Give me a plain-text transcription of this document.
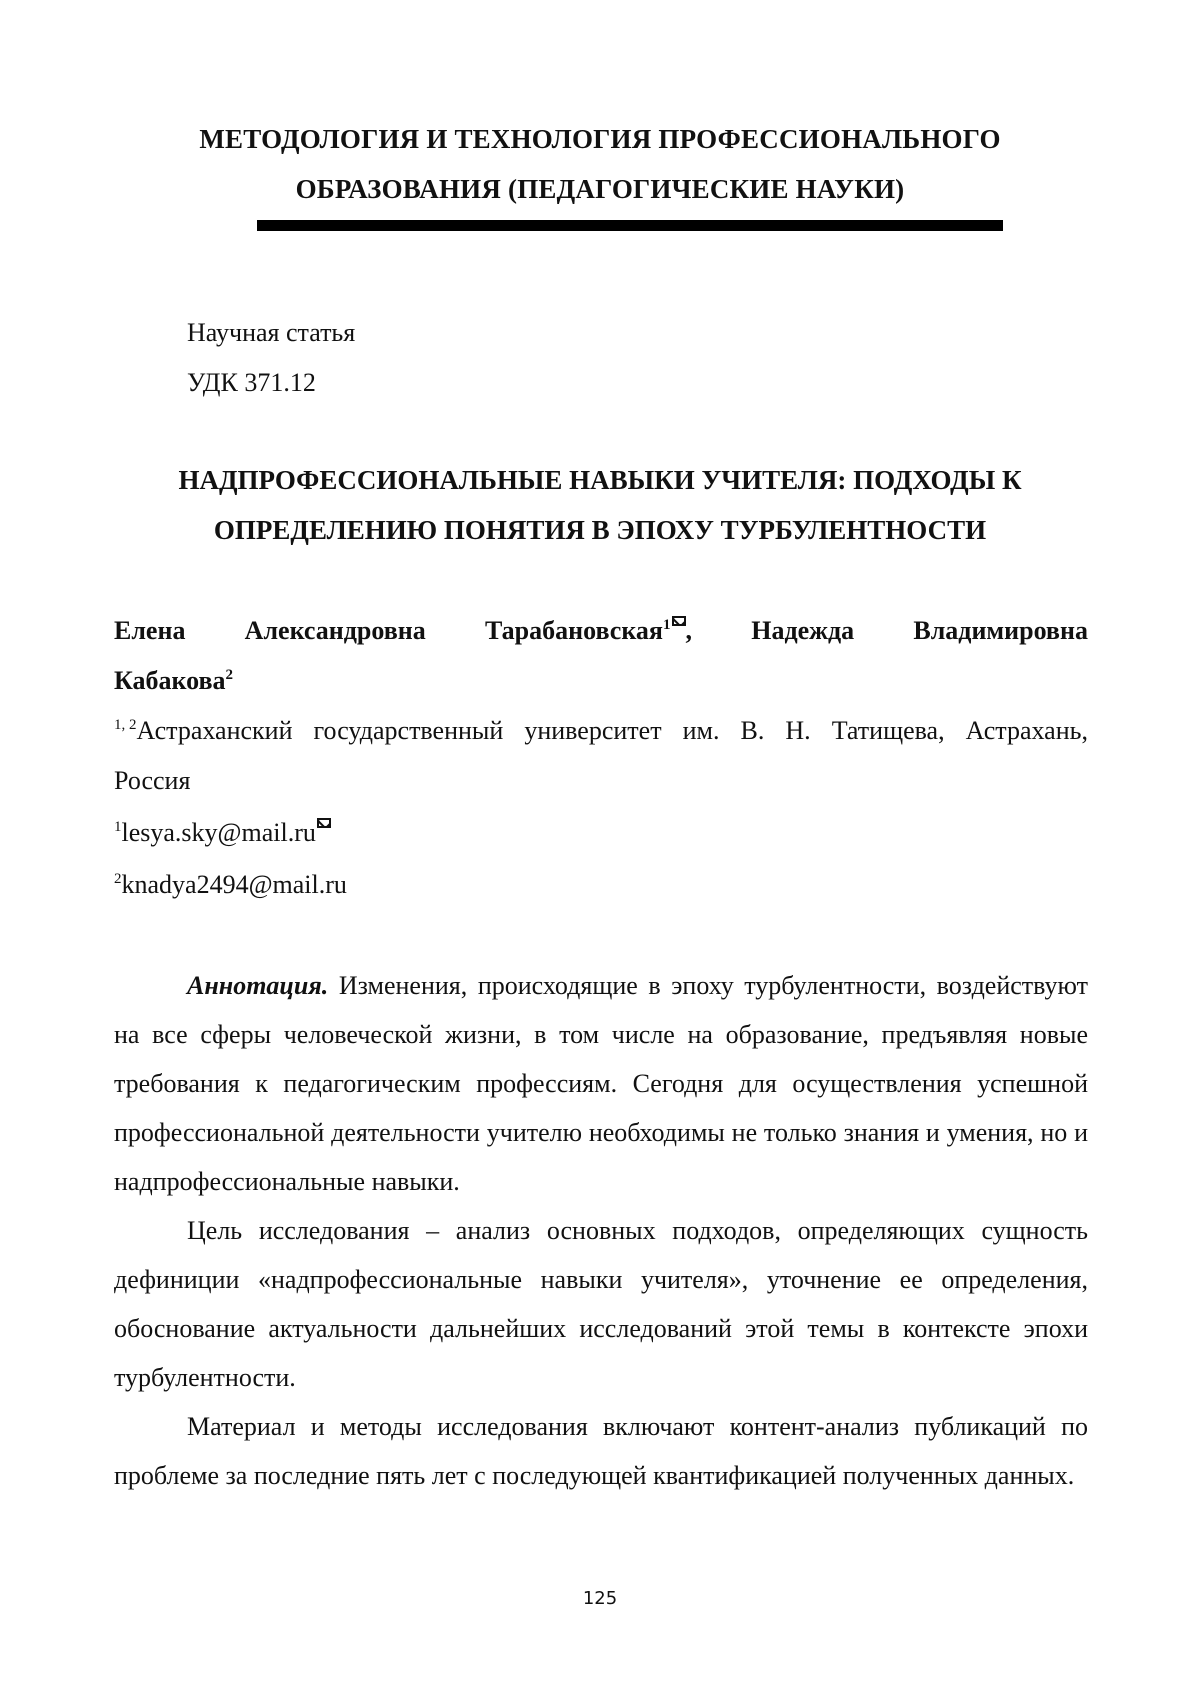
МЕТОДОЛОГИЯ И ТЕХНОЛОГИЯ ПРОФЕССИОНАЛЬНОГО
ОБРАЗОВАНИЯ (ПЕДАГОГИЧЕСКИЕ НАУКИ)
Научная статья
УДК 371.12
НАДПРОФЕССИОНАЛЬНЫЕ НАВЫКИ УЧИТЕЛЯ: ПОДХОДЫ К
ОПРЕДЕЛЕНИЮ ПОНЯТИЯ В ЭПОХУ ТУРБУЛЕНТНОСТИ
Елена Александровна Тарабановская$^1$ , Надежда Владимировна
Кабакова$^2$
$^{1, 2}$Астраханский государственный университет им. В. Н. Татищева, Астрахань,
Россия
$^1$lesya.sky@mail.ru
$^2$knadya2494@mail.ru

Аннотация. Изменения, происходящие в эпоху турбулентности, воздействуют на все сферы человеческой жизни, в том числе на образование, предъявляя новые требования к педагогическим профессиям. Сегодня для осуществления успешной профессиональной деятельности учителю необходимы не только знания и умения, но и надпрофессиональные навыки.

Цель исследования – анализ основных подходов, определяющих сущность дефиниции «надпрофессиональные навыки учителя», уточнение ее определения, обоснование актуальности дальнейших исследований этой темы в контексте эпохи турбулентности.

Материал и методы исследования включают контент-анализ публикаций по проблеме за последние пять лет с последующей квантификацией полученных данных.

125
